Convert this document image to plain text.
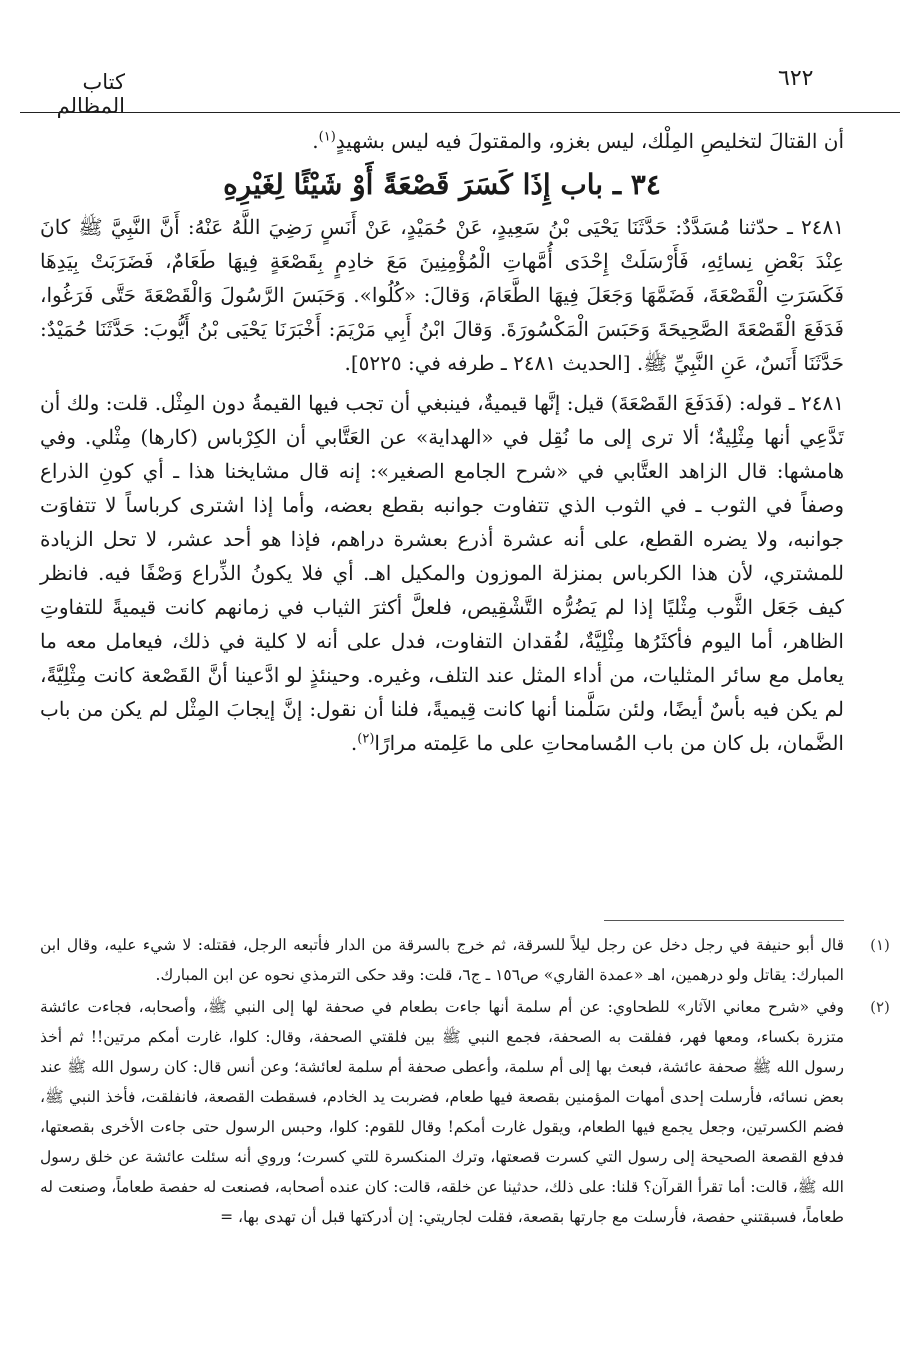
كتاب المظالم
٦٢٢

أن القتالَ لتخليصِ المِلْك، ليس بغزو، والمقتولَ فيه ليس بشهيدٍ$^{(١)}$.

٣٤ ـ باب إِذَا كَسَرَ قَصْعَةً أَوْ شَيْئًا لِغَيْرِهِ

٢٤٨١ ـ حدّثنا مُسَدَّدٌ: حَدَّثَنَا يَحْيَى بْنُ سَعِيدٍ، عَنْ حُمَيْدٍ، عَنْ أَنَسٍ رَضِيَ اللَّهُ عَنْهُ: أَنَّ النَّبِيَّ ﷺ كانَ عِنْدَ بَعْضِ نِسائِهِ، فَأَرْسَلَتْ إِحْدَى أُمَّهاتِ الْمُؤْمِنِينَ مَعَ خادِمٍ بِقَصْعَةٍ فِيهَا طَعَامٌ، فَضَرَبَتْ بِيَدِهَا فَكَسَرَتِ الْقَصْعَةَ، فَضَمَّهَا وَجَعَلَ فِيهَا الطَّعَامَ، وَقالَ: «كُلُوا». وَحَبَسَ الرَّسُولَ وَالْقَصْعَةَ حَتَّى فَرَغُوا، فَدَفَعَ الْقَصْعَةَ الصَّحِيحَةَ وَحَبَسَ الْمَكْسُورَةَ. وَقالَ ابْنُ أَبِي مَرْيَمَ: أَخْبَرَنَا يَحْيَى بْنُ أَيُّوبَ: حَدَّثَنَا حُمَيْدٌ: حَدَّثَنَا أَنَسٌ، عَنِ النَّبِيِّ ﷺ. [الحديث ٢٤٨١ ـ طرفه في: ٥٢٢٥].

٢٤٨١ ـ قوله: (فَدَفَعَ القَصْعَةَ) قيل: إنَّها قيميةٌ، فينبغي أن تجب فيها القيمةُ دون المِثْل. قلت: ولك أن تَدَّعِي أنها مِثْلِيةٌ؛ ألا ترى إلى ما نُقِل في «الهداية» عن العَتَّابي أن الكِرْباس (كارها) مِثْلي. وفي هامشها: قال الزاهد العتَّابي في «شرح الجامع الصغير»: إنه قال مشايخنا هذا ـ أي كونِ الذراع وصفاً في الثوب ـ في الثوب الذي تتفاوت جوانبه بقطع بعضه، وأما إذا اشترى كرباساً لا تتفاوَت جوانبه، ولا يضره القطع، على أنه عشرة أذرع بعشرة دراهم، فإذا هو أحد عشر، لا تحل الزيادة للمشتري، لأن هذا الكرباس بمنزلة الموزون والمكيل اهـ. أي فلا يكونُ الذِّراع وَصْفًا فيه. فانظر كيف جَعَل الثَّوب مِثْليًا إذا لم يَضُرُّه التَّشْقِيص، فلعلَّ أكثرَ الثياب في زمانهم كانت قيميةً للتفاوتِ الظاهر، أما اليوم فأكثَرُها مِثْلِيَّةٌ، لفُقدان التفاوت، فدل على أنه لا كلية في ذلك، فيعامل معه ما يعامل مع سائر المثليات، من أداء المثل عند التلف، وغيره. وحينئذٍ لو ادَّعينا أنَّ القَصْعة كانت مِثْلِيَّةً، لم يكن فيه بأسٌ أيضًا، ولئن سَلَّمنا أنها كانت قِيميةً، فلنا أن نقول: إنَّ إيجابَ المِثْل لم يكن من باب الضَّمان، بل كان من باب المُسامحاتِ على ما عَلِمته مرارًا$^{(٢)}$.

(١)
قال أبو حنيفة في رجل دخل عن رجل ليلاً للسرقة، ثم خرج بالسرقة من الدار فأتبعه الرجل، فقتله: لا شيء عليه، وقال ابن المبارك: يقاتل ولو درهمين، اهـ «عمدة القاري» ص١٥٦ ـ ج٦، قلت: وقد حكى الترمذي نحوه عن ابن المبارك.
(٢)
وفي «شرح معاني الآثار» للطحاوي: عن أم سلمة أنها جاءت بطعام في صحفة لها إلى النبي ﷺ، وأصحابه، فجاءت عائشة متزرة بكساء، ومعها فهر، ففلقت به الصحفة، فجمع النبي ﷺ بين فلقتي الصحفة، وقال: كلوا، غارت أمكم مرتين!! ثم أخذ رسول الله ﷺ صحفة عائشة، فبعث بها إلى أم سلمة، وأعطى صحفة أم سلمة لعائشة؛ وعن أنس قال: كان رسول الله ﷺ عند بعض نسائه، فأرسلت إحدى أمهات المؤمنين بقصعة فيها طعام، فضربت يد الخادم، فسقطت القصعة، فانفلقت، فأخذ النبي ﷺ، فضم الكسرتين، وجعل يجمع فيها الطعام، ويقول غارت أمكم! وقال للقوم: كلوا، وحبس الرسول حتى جاءت الأخرى بقصعتها، فدفع القصعة الصحيحة إلى رسول التي كسرت قصعتها، وترك المنكسرة للتي كسرت؛ وروي أنه سئلت عائشة عن خلق رسول الله ﷺ، قالت: أما تقرأ القرآن؟ قلنا: على ذلك، حدثينا عن خلقه، قالت: كان عنده أصحابه، فصنعت له حفصة طعاماً، وصنعت له طعاماً، فسبقتني حفصة، فأرسلت مع جارتها بقصعة، فقلت لجاريتي: إن أدركتها قبل أن تهدى بها، =
